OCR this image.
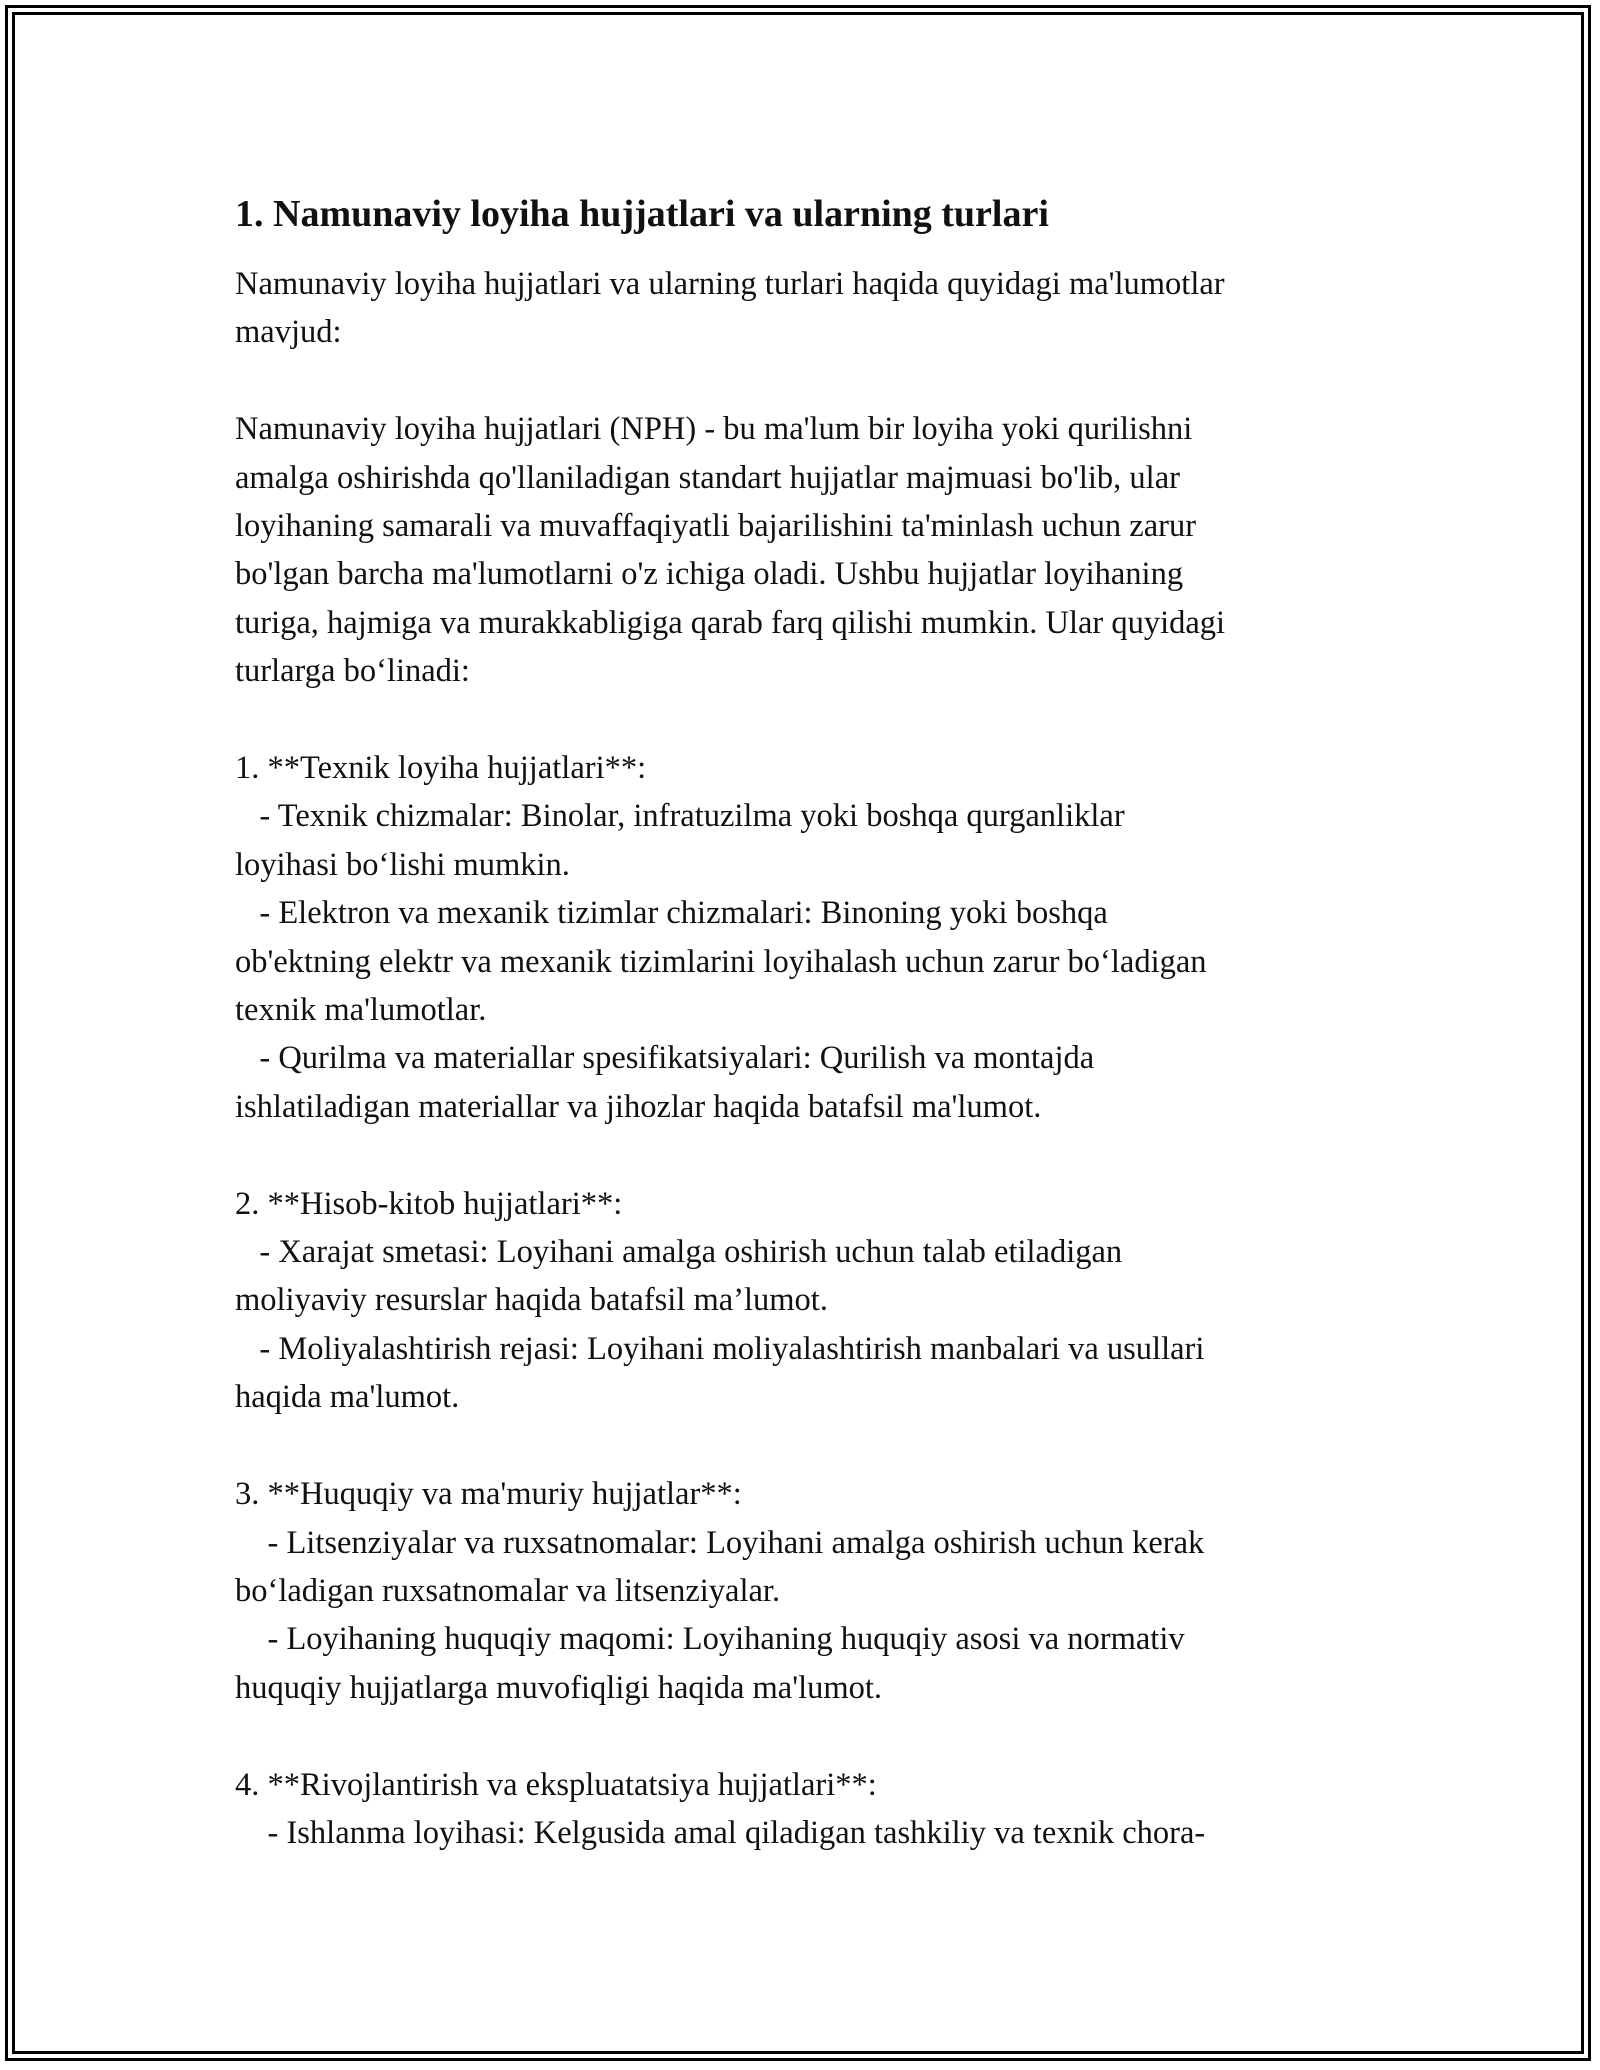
1. Namunaviy loyiha hujjatlari va ularning turlari
Namunaviy loyiha hujjatlari va ularning turlari haqida quyidagi ma'lumotlar
mavjud:
Namunaviy loyiha hujjatlari (NPH) - bu ma'lum bir loyiha yoki qurilishni
amalga oshirishda qo'llaniladigan standart hujjatlar majmuasi bo'lib, ular
loyihaning samarali va muvaffaqiyatli bajarilishini ta'minlash uchun zarur
bo'lgan barcha ma'lumotlarni o'z ichiga oladi. Ushbu hujjatlar loyihaning
turiga, hajmiga va murakkabligiga qarab farq qilishi mumkin. Ular quyidagi
turlarga bo‘linadi:
1. **Texnik loyiha hujjatlari**:
- Texnik chizmalar: Binolar, infratuzilma yoki boshqa qurganliklar
loyihasi bo‘lishi mumkin.
- Elektron va mexanik tizimlar chizmalari: Binoning yoki boshqa
ob'ektning elektr va mexanik tizimlarini loyihalash uchun zarur bo‘ladigan
texnik ma'lumotlar.
- Qurilma va materiallar spesifikatsiyalari: Qurilish va montajda
ishlatiladigan materiallar va jihozlar haqida batafsil ma'lumot.
2. **Hisob-kitob hujjatlari**:
- Xarajat smetasi: Loyihani amalga oshirish uchun talab etiladigan
moliyaviy resurslar haqida batafsil ma’lumot.
- Moliyalashtirish rejasi: Loyihani moliyalashtirish manbalari va usullari
haqida ma'lumot.
3. **Huquqiy va ma'muriy hujjatlar**:
- Litsenziyalar va ruxsatnomalar: Loyihani amalga oshirish uchun kerak
bo‘ladigan ruxsatnomalar va litsenziyalar.
- Loyihaning huquqiy maqomi: Loyihaning huquqiy asosi va normativ
huquqiy hujjatlarga muvofiqligi haqida ma'lumot.
4. **Rivojlantirish va ekspluatatsiya hujjatlari**:
- Ishlanma loyihasi: Kelgusida amal qiladigan tashkiliy va texnik chora-
